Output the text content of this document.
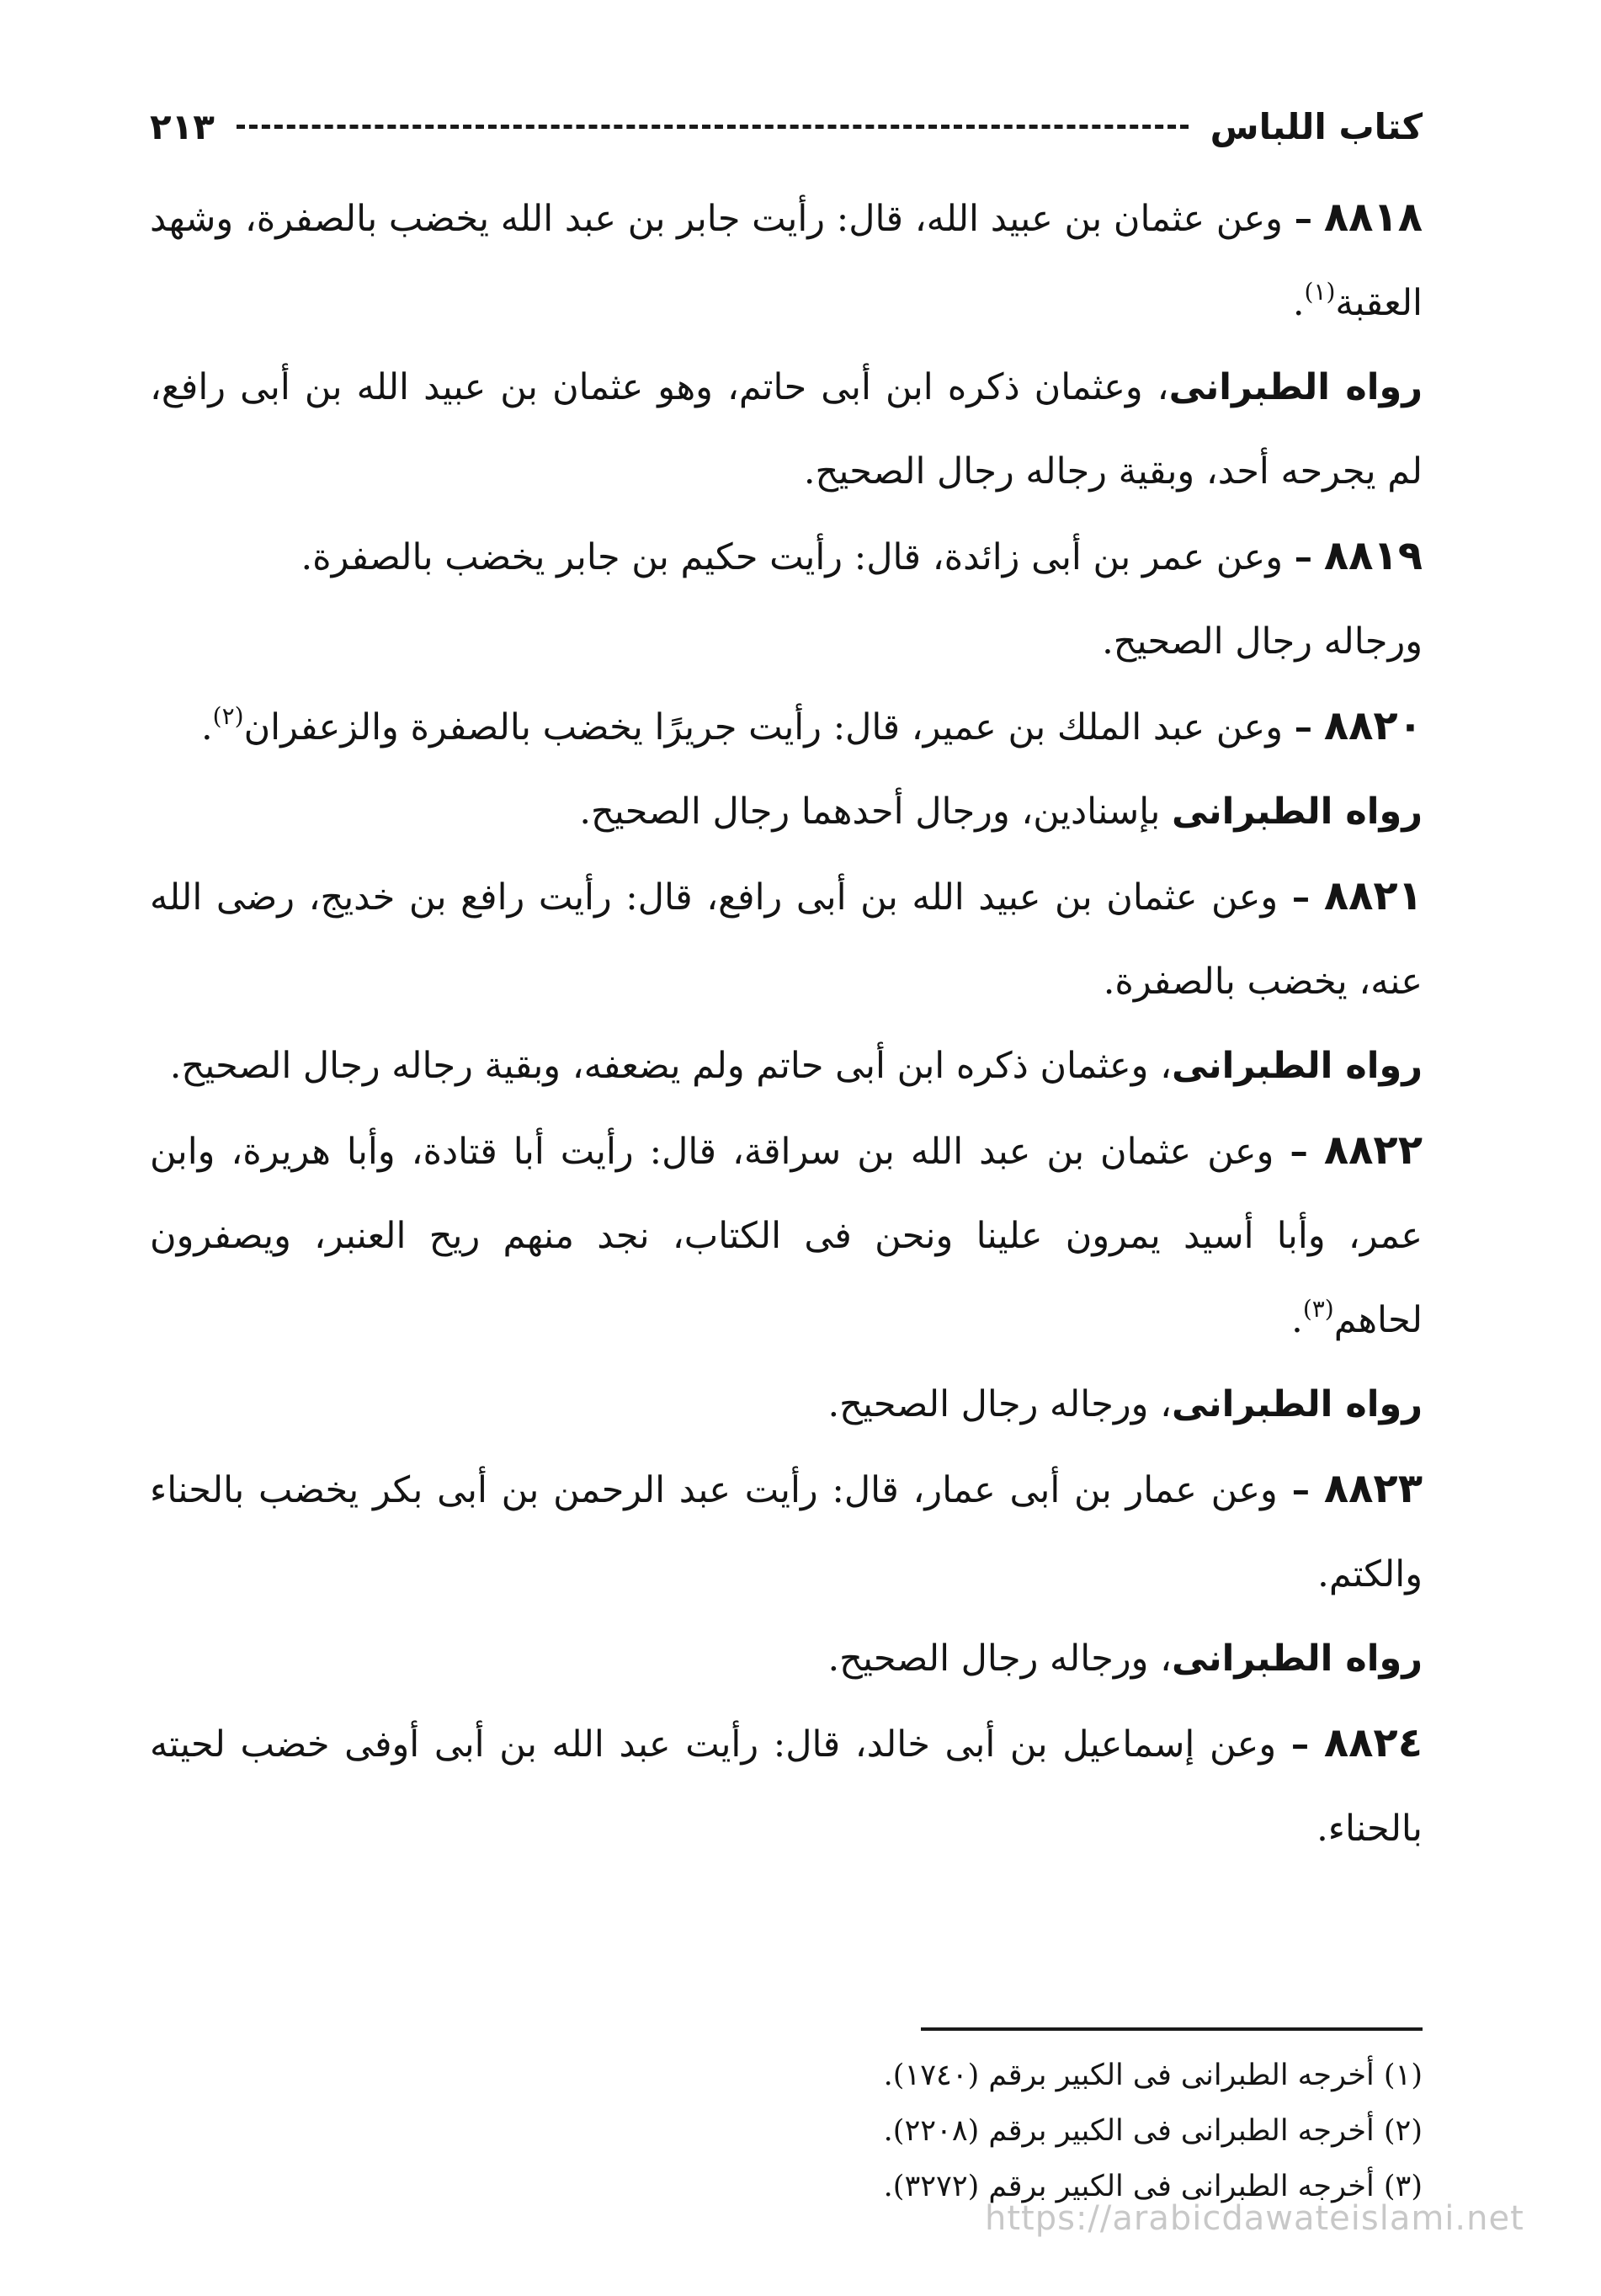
كتاب اللباس
٢١٣

٨٨١٨ – وعن عثمان بن عبيد الله، قال: رأيت جابر بن عبد الله يخضب بالصفرة، وشهد العقبة$^{(١)}$.

رواه الطبرانى، وعثمان ذكره ابن أبى حاتم، وهو عثمان بن عبيد الله بن أبى رافع، لم يجرحه أحد، وبقية رجاله رجال الصحيح.

٨٨١٩ – وعن عمر بن أبى زائدة، قال: رأيت حكيم بن جابر يخضب بالصفرة.

ورجاله رجال الصحيح.

٨٨٢٠ – وعن عبد الملك بن عمير، قال: رأيت جريرًا يخضب بالصفرة والزعفران$^{(٢)}$.

رواه الطبرانى بإسنادين، ورجال أحدهما رجال الصحيح.

٨٨٢١ – وعن عثمان بن عبيد الله بن أبى رافع، قال: رأيت رافع بن خديج، رضى الله عنه، يخضب بالصفرة.

رواه الطبرانى، وعثمان ذكره ابن أبى حاتم ولم يضعفه، وبقية رجاله رجال الصحيح.

٨٨٢٢ – وعن عثمان بن عبد الله بن سراقة، قال: رأيت أبا قتادة، وأبا هريرة، وابن عمر، وأبا أسيد يمرون علينا ونحن فى الكتاب، نجد منهم ريح العنبر، ويصفرون لحاهم$^{(٣)}$.

رواه الطبرانى، ورجاله رجال الصحيح.

٨٨٢٣ – وعن عمار بن أبى عمار، قال: رأيت عبد الرحمن بن أبى بكر يخضب بالحناء والكتم.

رواه الطبرانى، ورجاله رجال الصحيح.

٨٨٢٤ – وعن إسماعيل بن أبى خالد، قال: رأيت عبد الله بن أبى أوفى خضب لحيته بالحناء.

(١) أخرجه الطبرانى فى الكبير برقم (١٧٤٠).

(٢) أخرجه الطبرانى فى الكبير برقم (٢٢٠٨).

(٣) أخرجه الطبرانى فى الكبير برقم (٣٢٧٢).

https://arabicdawateislami.net
